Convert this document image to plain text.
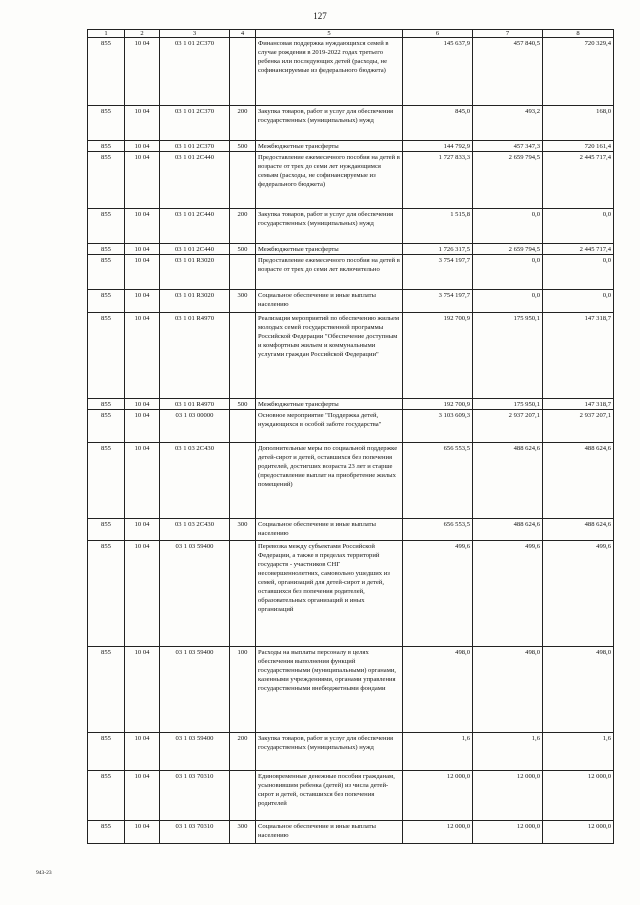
127
1	2	3	4	5	6	7	8
855	10 04	03 1 01 2C370		Финансовая поддержка нуждающихся семей в случае рождения в 2019-2022 годах третьего ребенка или последующих детей (расходы, не софинансируемые из федерального бюджета)	145 637,9	457 840,5	720 329,4
855	10 04	03 1 01 2C370	200	Закупка товаров, работ и услуг для обеспечения государственных (муниципальных) нужд	845,0	493,2	168,0
855	10 04	03 1 01 2C370	500	Межбюджетные трансферты	144 792,9	457 347,3	720 161,4
855	10 04	03 1 01 2C440		Предоставление ежемесячного пособия на детей в возрасте от трех до семи лет нуждающимся семьям (расходы, не софинансируемые из федерального бюджета)	1 727 833,3	2 659 794,5	2 445 717,4
855	10 04	03 1 01 2C440	200	Закупка товаров, работ и услуг для обеспечения государственных (муниципальных) нужд	1 515,8	0,0	0,0
855	10 04	03 1 01 2C440	500	Межбюджетные трансферты	1 726 317,5	2 659 794,5	2 445 717,4
855	10 04	03 1 01 R3020		Предоставление ежемесячного пособия на детей в возрасте от трех до семи лет включительно	3 754 197,7	0,0	0,0
855	10 04	03 1 01 R3020	300	Социальное обеспечение и иные выплаты населению	3 754 197,7	0,0	0,0
855	10 04	03 1 01 R4970		Реализация мероприятий по обеспечению жильем молодых семей государственной программы Российской Федерации "Обеспечение доступным и комфортным жильем и коммунальными услугами граждан Российской Федерации"	192 700,9	175 950,1	147 318,7
855	10 04	03 1 01 R4970	500	Межбюджетные трансферты	192 700,9	175 950,1	147 318,7
855	10 04	03 1 03 00000		Основное мероприятие "Поддержка детей, нуждающихся в особой заботе государства"	3 103 609,3	2 937 207,1	2 937 207,1
855	10 04	03 1 03 2C430		Дополнительные меры по социальной поддержке детей-сирот и детей, оставшихся без попечения родителей, достигших возраста 23 лет и старше (предоставление выплат на приобретение жилых помещений)	656 553,5	488 624,6	488 624,6
855	10 04	03 1 03 2C430	300	Социальное обеспечение и иные выплаты населению	656 553,5	488 624,6	488 624,6
855	10 04	03 1 03 59400		Перевозка между субъектами Российской Федерации, а также в пределах территорий государств - участников СНГ несовершеннолетних, самовольно ушедших из семей, организаций для детей-сирот и детей, оставшихся без попечения родителей, образовательных организаций и иных организаций	499,6	499,6	499,6
855	10 04	03 1 03 59400	100	Расходы на выплаты персоналу в целях обеспечения выполнения функций государственными (муниципальными) органами, казенными учреждениями, органами управления государственными внебюджетными фондами	498,0	498,0	498,0
855	10 04	03 1 03 59400	200	Закупка товаров, работ и услуг для обеспечения государственных (муниципальных) нужд	1,6	1,6	1,6
855	10 04	03 1 03 70310		Единовременные денежные пособия гражданам, усыновившим ребенка (детей) из числа детей-сирот и детей, оставшихся без попечения родителей	12 000,0	12 000,0	12 000,0
855	10 04	03 1 03 70310	300	Социальное обеспечение и иные выплаты населению	12 000,0	12 000,0	12 000,0
943-23
